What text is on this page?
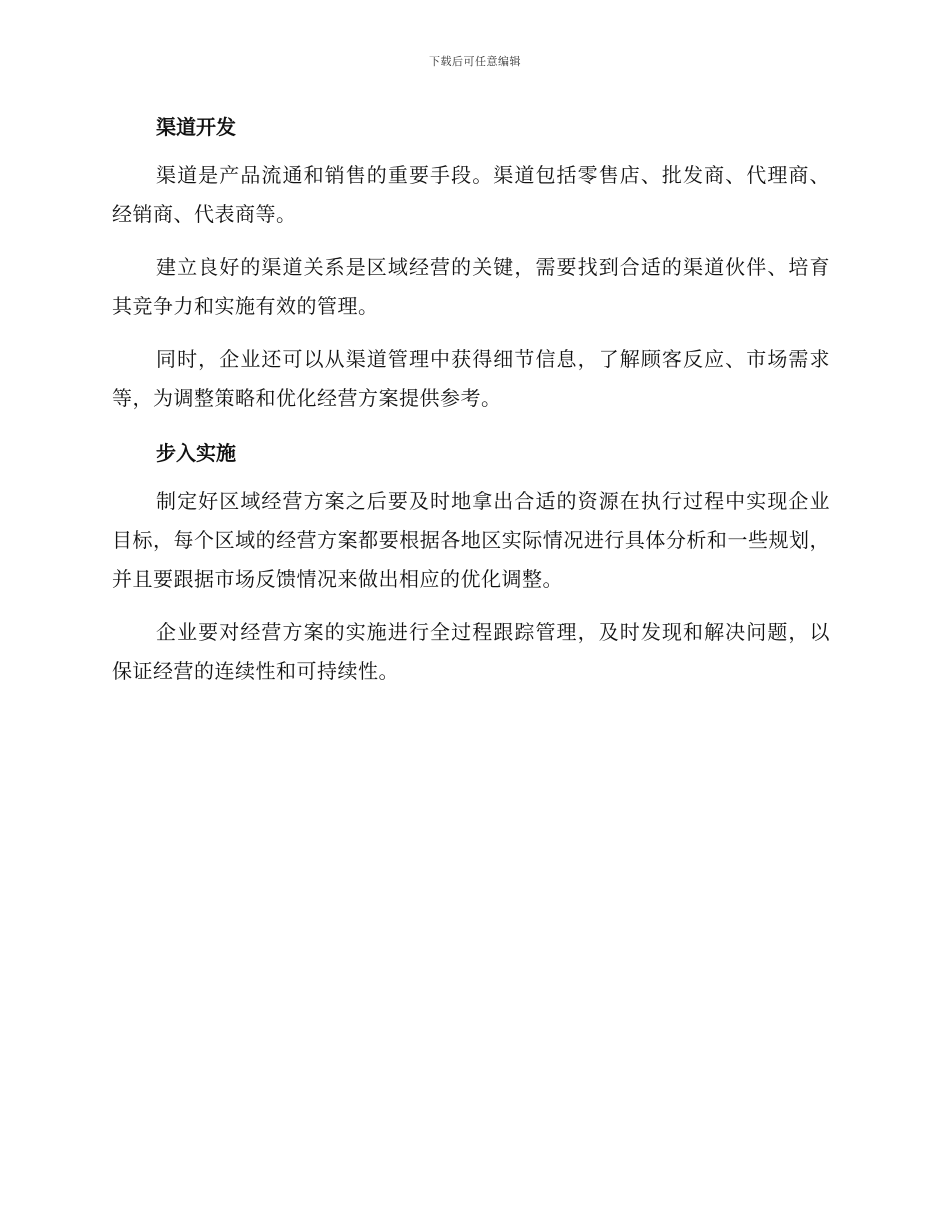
下载后可任意编辑
渠道开发

渠道是产品流通和销售的重要手段。渠道包括零售店、批发商、代理商、经销商、代表商等。

建立良好的渠道关系是区域经营的关键，需要找到合适的渠道伙伴、培育其竞争力和实施有效的管理。

同时，企业还可以从渠道管理中获得细节信息，了解顾客反应、市场需求等，为调整策略和优化经营方案提供参考。

步入实施

制定好区域经营方案之后要及时地拿出合适的资源在执行过程中实现企业目标，每个区域的经营方案都要根据各地区实际情况进行具体分析和一些规划，并且要跟据市场反馈情况来做出相应的优化调整。

企业要对经营方案的实施进行全过程跟踪管理，及时发现和解决问题，以保证经营的连续性和可持续性。
